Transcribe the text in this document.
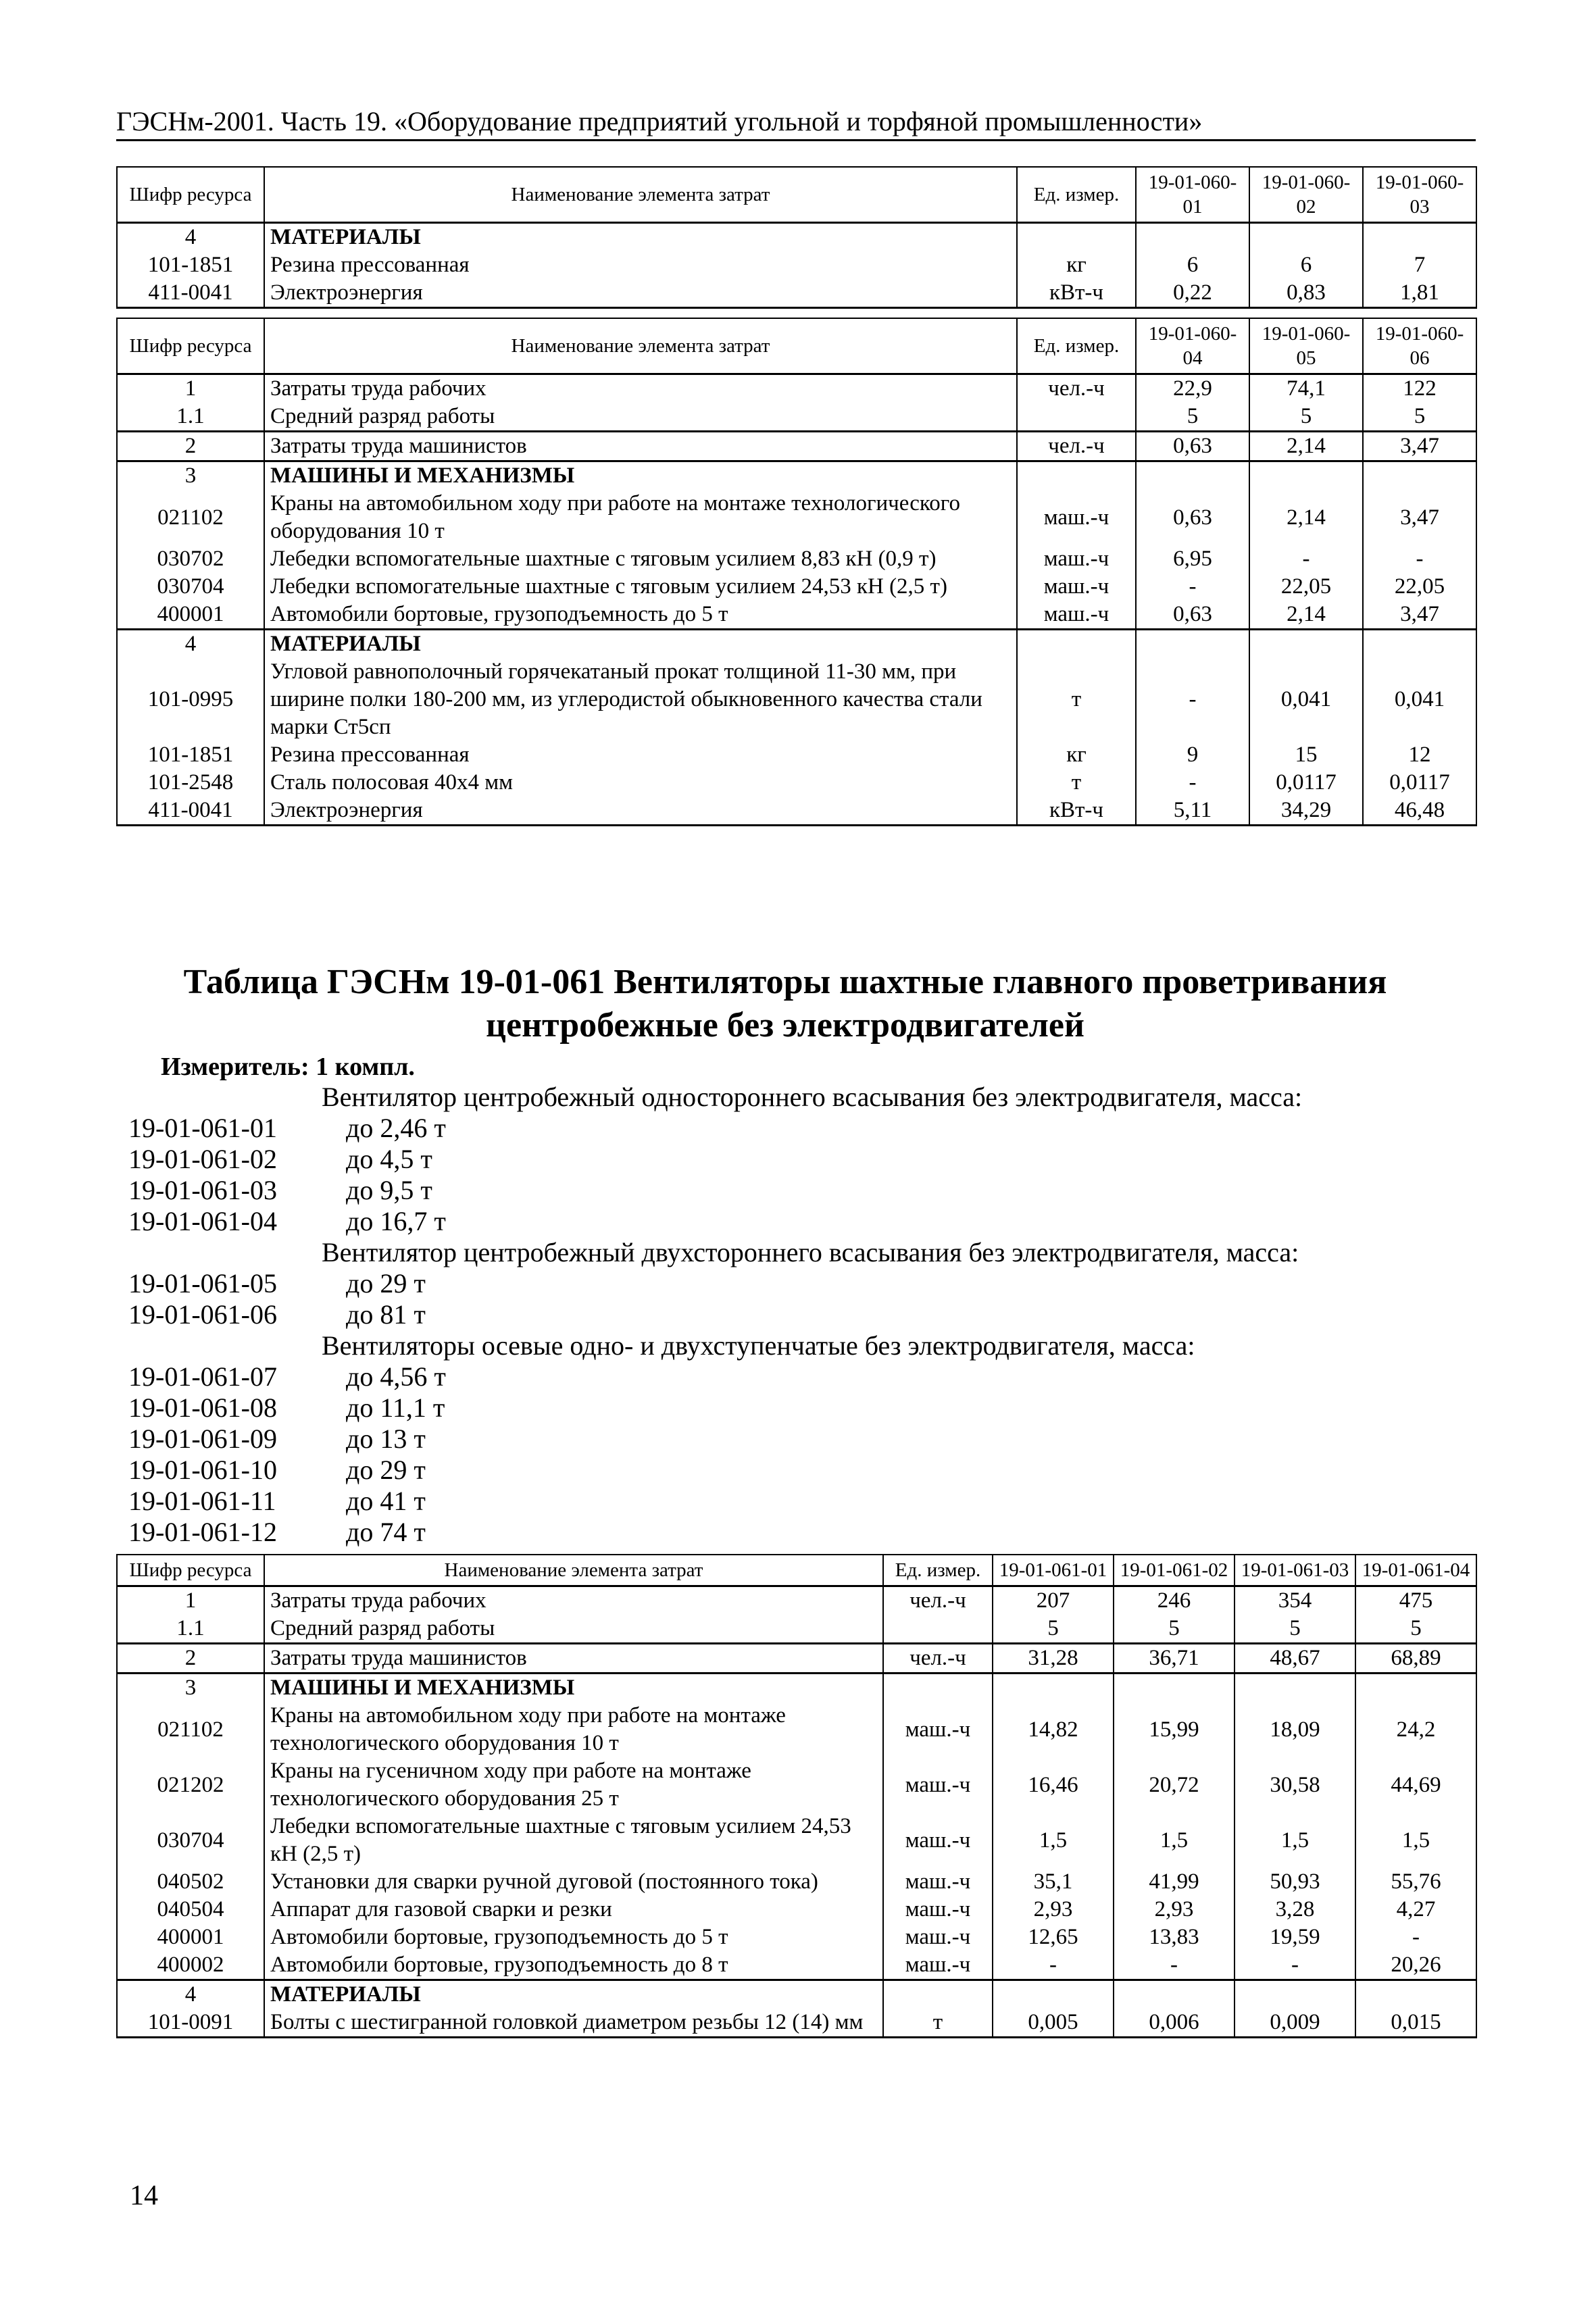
ГЭСНм-2001. Часть 19. «Оборудование предприятий угольной и торфяной промышленности»
Шифр ресурса	Наименование элемента затрат	Ед. измер.	19-01-060-01	19-01-060-02	19-01-060-03
4	МАТЕРИАЛЫ				
101-1851	Резина прессованная	кг	6	6	7
411-0041	Электроэнергия	кВт-ч	0,22	0,83	1,81
Шифр ресурса	Наименование элемента затрат	Ед. измер.	19-01-060-04	19-01-060-05	19-01-060-06
1	Затраты труда рабочих	чел.-ч	22,9	74,1	122
1.1	Средний разряд работы		5	5	5
2	Затраты труда машинистов	чел.-ч	0,63	2,14	3,47
3	МАШИНЫ И МЕХАНИЗМЫ				
021102	Краны на автомобильном ходу при работе на монтаже технологического оборудования 10 т	маш.-ч	0,63	2,14	3,47
030702	Лебедки вспомогательные шахтные с тяговым усилием 8,83 кН (0,9 т)	маш.-ч	6,95	-	-
030704	Лебедки вспомогательные шахтные с тяговым усилием 24,53 кН (2,5 т)	маш.-ч	-	22,05	22,05
400001	Автомобили бортовые, грузоподъемность до 5 т	маш.-ч	0,63	2,14	3,47
4	МАТЕРИАЛЫ				
101-0995	Угловой равнополочный горячекатаный прокат толщиной 11-30 мм, при ширине полки 180-200 мм, из углеродистой обыкновенного качества стали марки Ст5сп	т	-	0,041	0,041
101-1851	Резина прессованная	кг	9	15	12
101-2548	Сталь полосовая 40х4 мм	т	-	0,0117	0,0117
411-0041	Электроэнергия	кВт-ч	5,11	34,29	46,48
Таблица ГЭСНм 19-01-061 Вентиляторы шахтные главного проветривания
центробежные без электродвигателей
Измеритель: 1 компл.
Вентилятор центробежный одностороннего всасывания без электродвигателя, масса:
19-01-061-01	до 2,46 т
19-01-061-02	до 4,5 т
19-01-061-03	до 9,5 т
19-01-061-04	до 16,7 т
Вентилятор центробежный двухстороннего всасывания без электродвигателя, масса:
19-01-061-05	до 29 т
19-01-061-06	до 81 т
Вентиляторы осевые одно- и двухступенчатые без электродвигателя, масса:
19-01-061-07	до 4,56 т
19-01-061-08	до 11,1 т
19-01-061-09	до 13 т
19-01-061-10	до 29 т
19-01-061-11	до 41 т
19-01-061-12	до 74 т
Шифр ресурса	Наименование элемента затрат	Ед. измер.	19-01-061-01	19-01-061-02	19-01-061-03	19-01-061-04
1	Затраты труда рабочих	чел.-ч	207	246	354	475
1.1	Средний разряд работы		5	5	5	5
2	Затраты труда машинистов	чел.-ч	31,28	36,71	48,67	68,89
3	МАШИНЫ И МЕХАНИЗМЫ					
021102	Краны на автомобильном ходу при работе на монтаже технологического оборудования 10 т	маш.-ч	14,82	15,99	18,09	24,2
021202	Краны на гусеничном ходу при работе на монтаже технологического оборудования 25 т	маш.-ч	16,46	20,72	30,58	44,69
030704	Лебедки вспомогательные шахтные с тяговым усилием 24,53 кН (2,5 т)	маш.-ч	1,5	1,5	1,5	1,5
040502	Установки для сварки ручной дуговой (постоянного тока)	маш.-ч	35,1	41,99	50,93	55,76
040504	Аппарат для газовой сварки и резки	маш.-ч	2,93	2,93	3,28	4,27
400001	Автомобили бортовые, грузоподъемность до 5 т	маш.-ч	12,65	13,83	19,59	-
400002	Автомобили бортовые, грузоподъемность до 8 т	маш.-ч	-	-	-	20,26
4	МАТЕРИАЛЫ					
101-0091	Болты с шестигранной головкой диаметром резьбы 12 (14) мм	т	0,005	0,006	0,009	0,015
14
